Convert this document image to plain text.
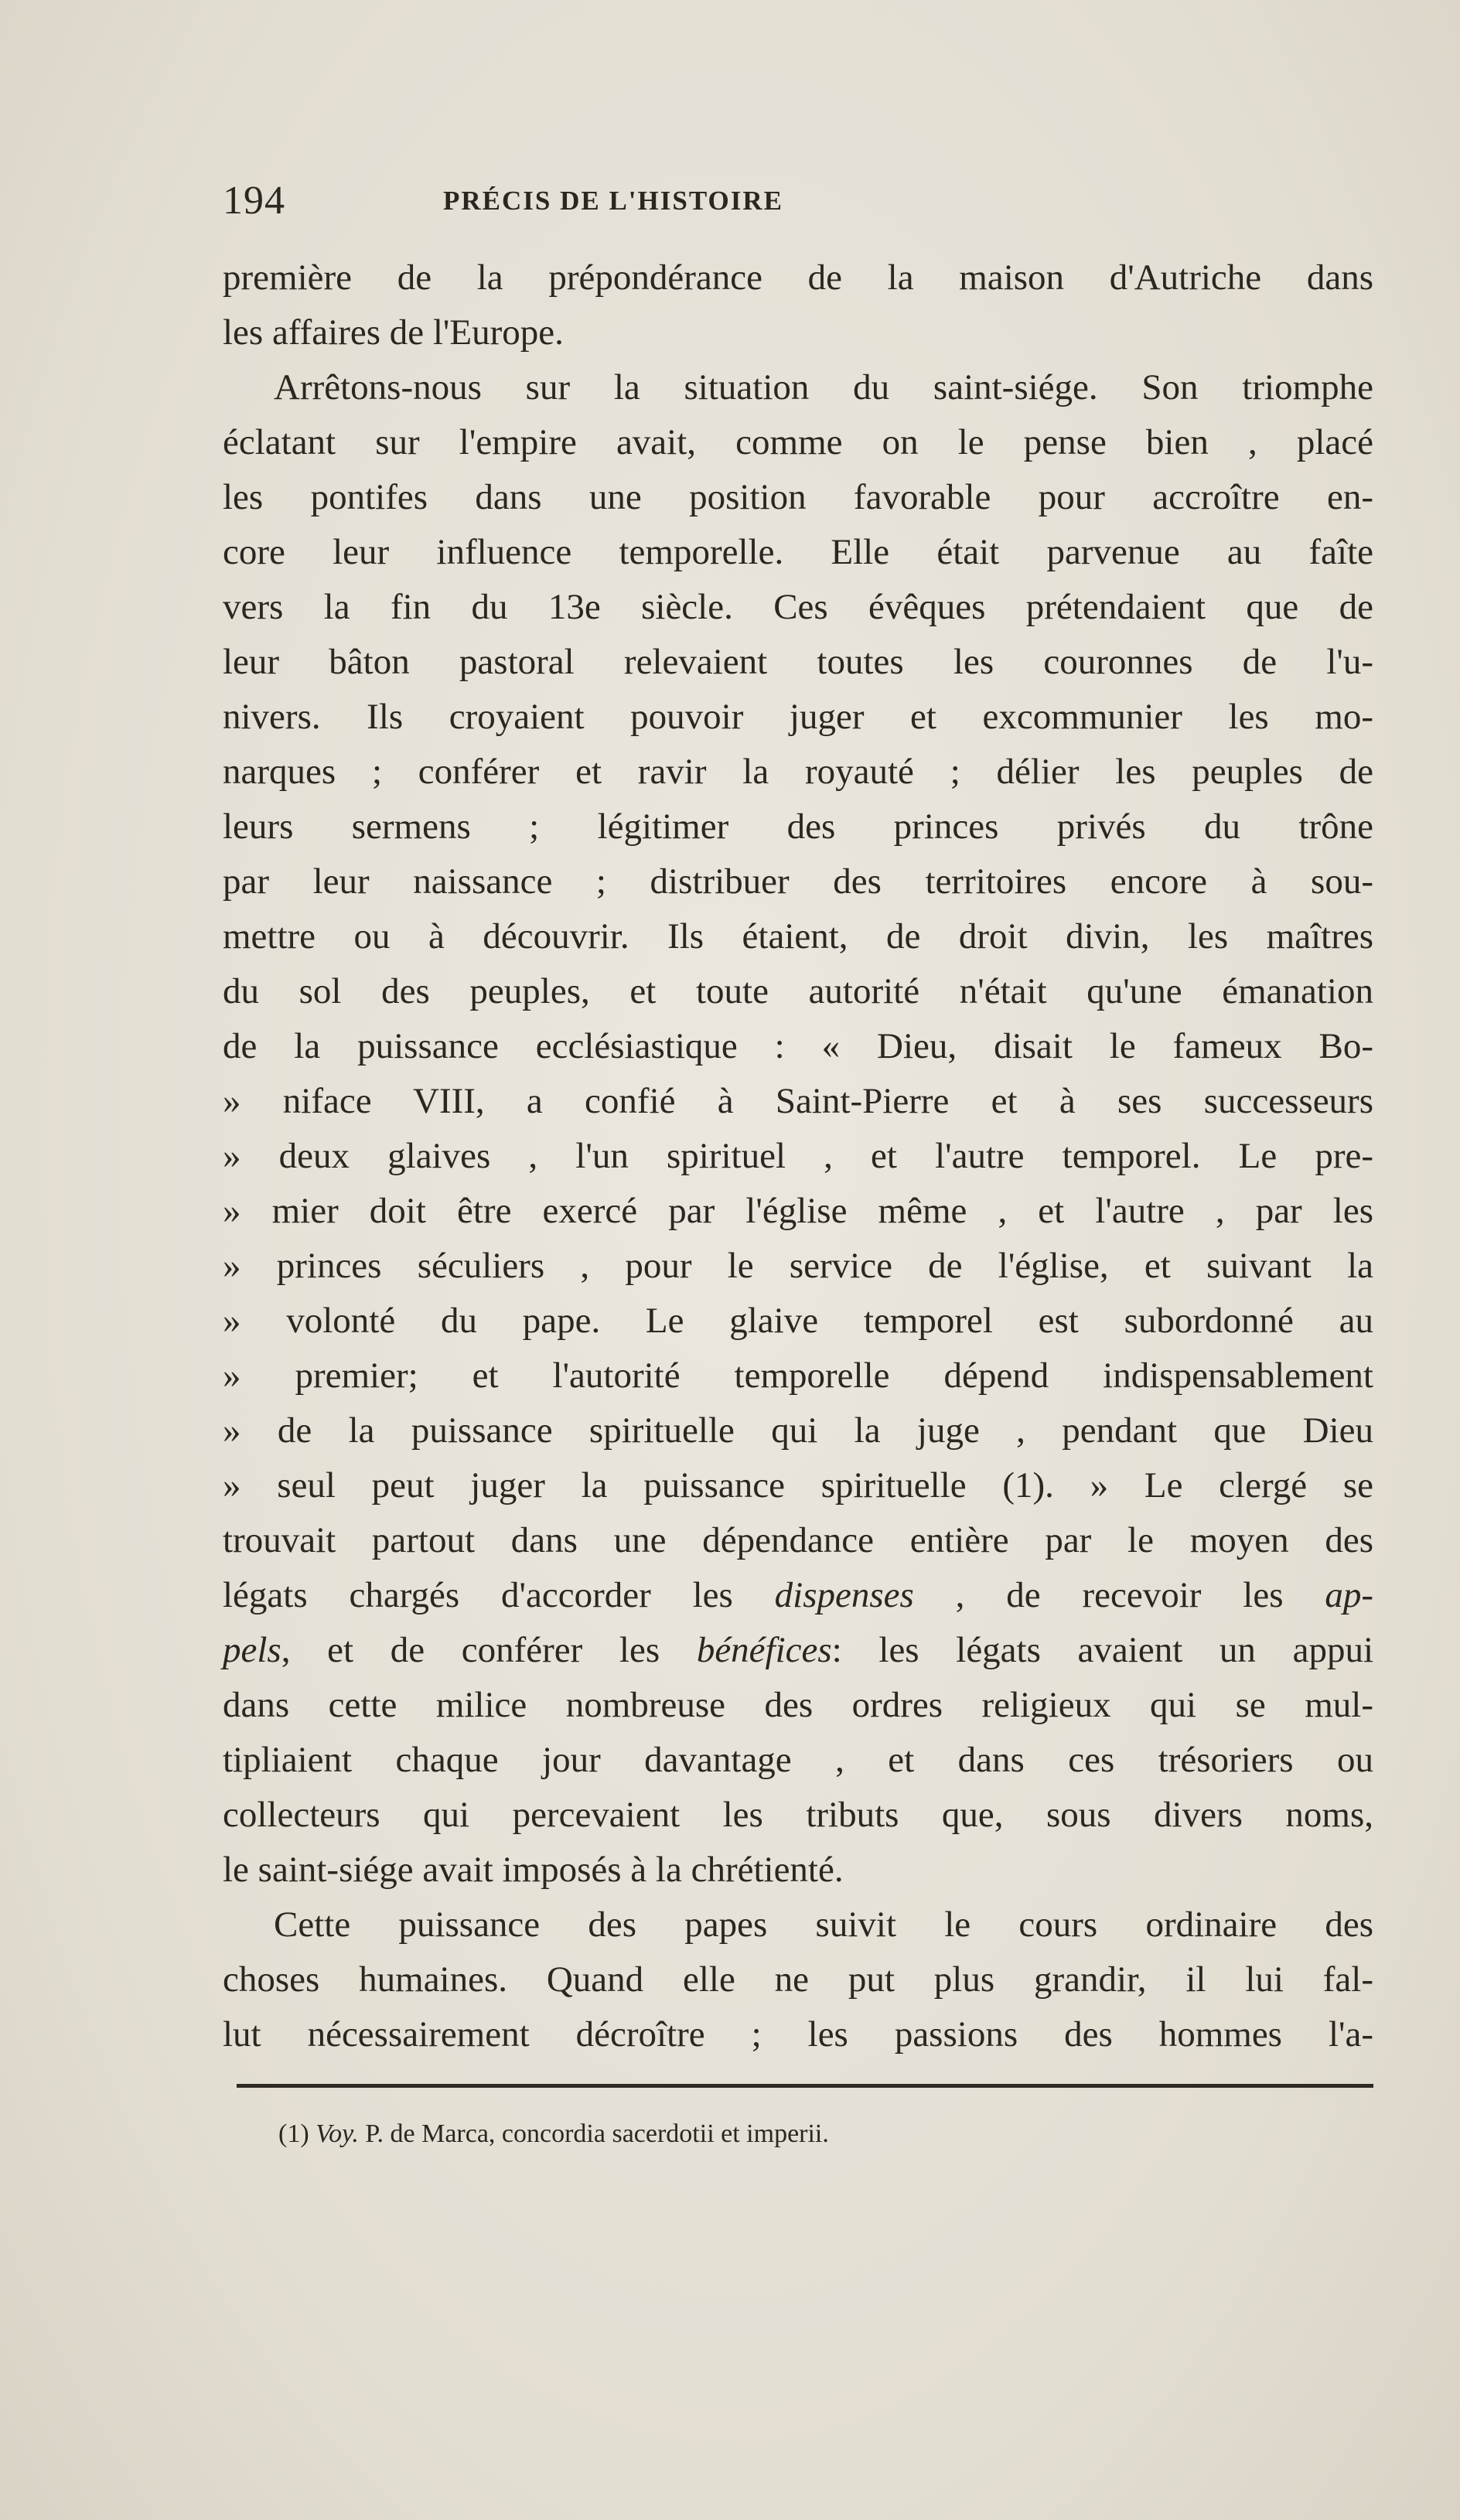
194	PRÉCIS DE L'HISTOIRE
première de la prépondérance de la maison d'Autriche dans
les affaires de l'Europe.
Arrêtons-nous sur la situation du saint-siége. Son triomphe
éclatant sur l'empire avait, comme on le pense bien , placé
les pontifes dans une position favorable pour accroître en-
core leur influence temporelle. Elle était parvenue au faîte
vers la fin du 13e siècle. Ces évêques prétendaient que de
leur bâton pastoral relevaient toutes les couronnes de l'u-
nivers. Ils croyaient pouvoir juger et excommunier les mo-
narques ; conférer et ravir la royauté ; délier les peuples de
leurs sermens ; légitimer des princes privés du trône
par leur naissance ; distribuer des territoires encore à sou-
mettre ou à découvrir. Ils étaient, de droit divin, les maîtres
du sol des peuples, et toute autorité n'était qu'une émanation
de la puissance ecclésiastique : « Dieu, disait le fameux Bo-
» niface VIII, a confié à Saint-Pierre et à ses successeurs
» deux glaives , l'un spirituel , et l'autre temporel. Le pre-
» mier doit être exercé par l'église même , et l'autre , par les
» princes séculiers , pour le service de l'église, et suivant la
» volonté du pape. Le glaive temporel est subordonné au
» premier; et l'autorité temporelle dépend indispensablement
» de la puissance spirituelle qui la juge , pendant que Dieu
» seul peut juger la puissance spirituelle (1). » Le clergé se
trouvait partout dans une dépendance entière par le moyen des
légats chargés d'accorder les dispenses , de recevoir les ap-
pels, et de conférer les bénéfices: les légats avaient un appui
dans cette milice nombreuse des ordres religieux qui se mul-
tipliaient chaque jour davantage , et dans ces trésoriers ou
collecteurs qui percevaient les tributs que, sous divers noms,
le saint-siége avait imposés à la chrétienté.
Cette puissance des papes suivit le cours ordinaire des
choses humaines. Quand elle ne put plus grandir, il lui fal-
lut nécessairement décroître ; les passions des hommes l'a-
(1) Voy. P. de Marca, concordia sacerdotii et imperii.
